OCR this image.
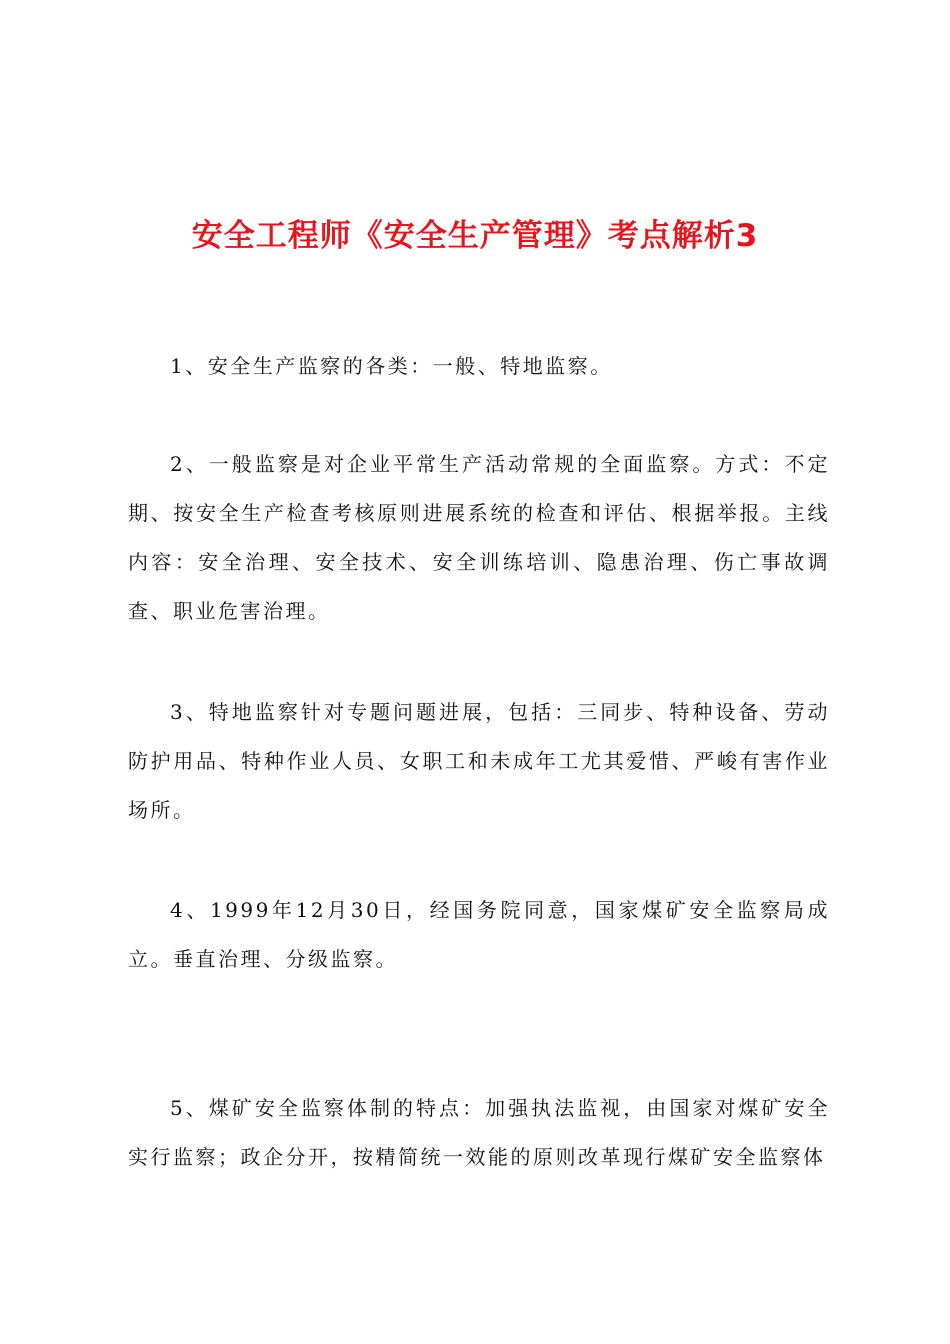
安全工程师《安全生产管理》考点解析3

1、安全生产监察的各类：一般、特地监察。

2、一般监察是对企业平常生产活动常规的全面监察。方式：不定期、按安全生产检查考核原则进展系统的检查和评估、根据举报。主线内容：安全治理、安全技术、安全训练培训、隐患治理、伤亡事故调查、职业危害治理。

3、特地监察针对专题问题进展，包括：三同步、特种设备、劳动防护用品、特种作业人员、女职工和未成年工尤其爱惜、严峻有害作业场所。

4、1999年12月30日，经国务院同意，国家煤矿安全监察局成立。垂直治理、分级监察。

5、煤矿安全监察体制的特点：加强执法监视，由国家对煤矿安全实行监察；政企分开，按精简统一效能的原则改革现行煤矿安全监察体
